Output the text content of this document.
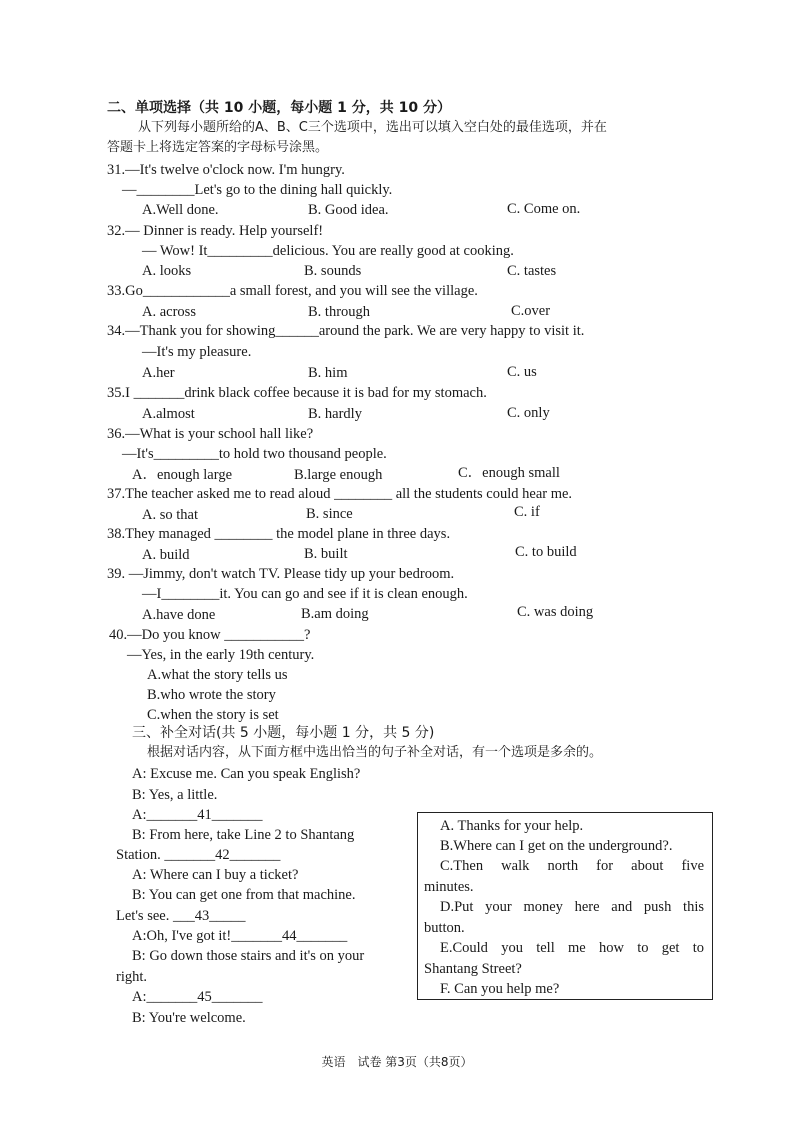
二、单项选择（共 10 小题，每小题 1 分，共 10 分）
从下列每小题所给的A、B、C三个选项中，选出可以填入空白处的最佳选项，并在
答题卡上将选定答案的字母标号涂黑。
31.—It's twelve o'clock now. I'm hungry.
—________Let's go to the dining hall quickly.
A.Well done.	B. Good idea.	C. Come on.
32.— Dinner is ready. Help yourself!
— Wow! It_________delicious. You are really good at cooking.
A. looks	B. sounds	C. tastes
33.Go____________a small forest, and you will see the village.
A. across	B. through	C.over
34.—Thank you for showing______around the park. We are very happy to visit it.
—It's my pleasure.
A.her	B. him	C. us
35.I _______drink black coffee because it is bad for my stomach.
A.almost	B. hardly	C. only
36.—What is your school hall like?
—It's_________to hold two thousand people.
A．enough large	B.large enough	C．enough small
37.The teacher asked me to read aloud ________ all the students could hear me.
A. so that	B. since	C. if
38.They managed ________ the model plane in three days.
A. build	B. built	C. to build
39. —Jimmy, don't watch TV. Please tidy up your bedroom.
—I________it. You can go and see if it is clean enough.
A.have done	B.am doing	C. was doing
40.—Do you know ___________?
—Yes, in the early 19th century.
A.what the story tells us
B.who wrote the story
C.when the story is set
三、补全对话(共 5 小题，每小题 1 分，共 5 分)
根据对话内容，从下面方框中选出恰当的句子补全对话，有一个选项是多余的。
A: Excuse me. Can you speak English?
B: Yes, a little.
A:_______41_______
B: From here, take Line 2 to Shantang
Station. _______42_______
A: Where can I buy a ticket?
B: You can get one from that machine.
Let's see. ___43_____
A:Oh, I've got it!_______44_______
B: Go down those stairs and it's on your
right.
A:_______45_______
B: You're welcome.
A. Thanks for your help.
B.Where can I get on the underground?.
C.Then walk north for about five
minutes.
D.Put your money here and push this
button.
E.Could you tell me how to get to
Shantang Street?
F. Can you help me?
英语　试卷 第3页（共8页）
